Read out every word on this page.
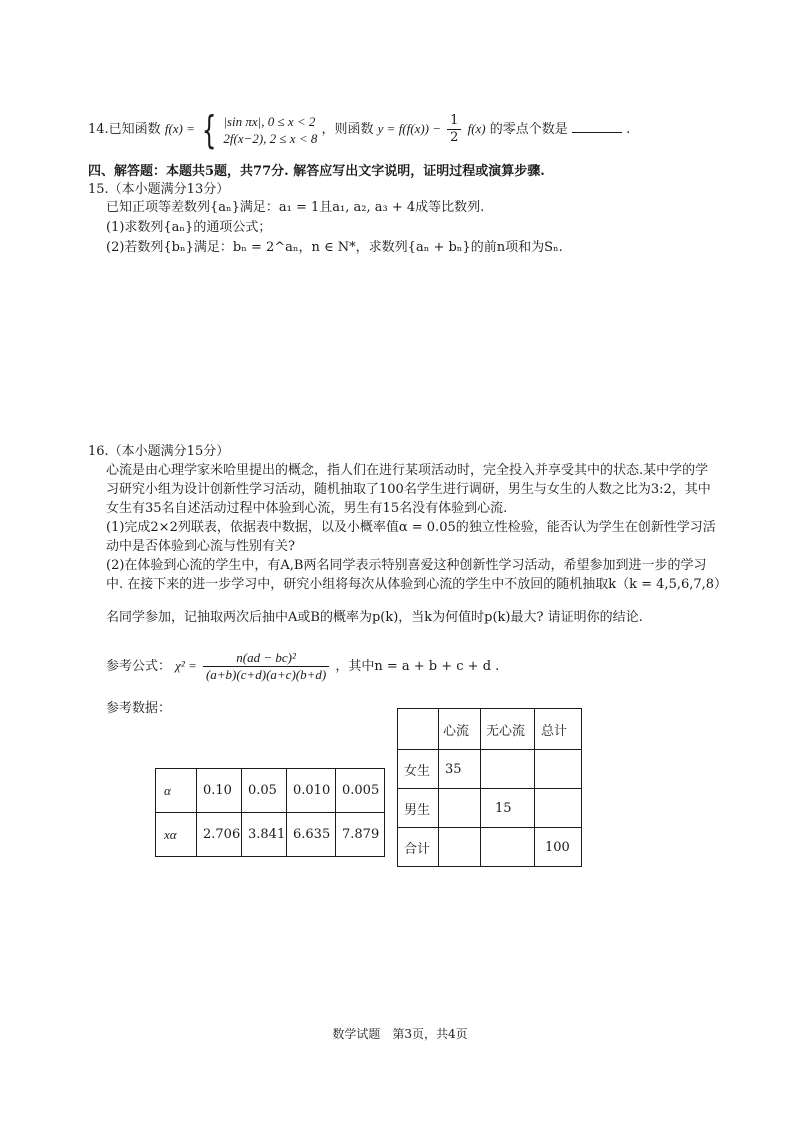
14.已知函数 f(x) = { |sin πx|, 0 ≤ x < 2
2f(x−2), 2 ≤ x < 8
，则函数 $y = f(f(x)) - \frac{1}{2} f(x)$ 的零点个数是	.
四、解答题：本题共5题，共77分. 解答应写出文字说明，证明过程或演算步骤.
15.（本小题满分13分）
已知正项等差数列{aₙ}满足：a₁ = 1且a₁, a₂, a₃ + 4成等比数列.
(1)求数列{aₙ}的通项公式；
(2)若数列{bₙ}满足：bₙ = 2^aₙ，n ∈ N*，求数列{aₙ + bₙ}的前n项和为Sₙ.
16.（本小题满分15分）
心流是由心理学家米哈里提出的概念，指人们在进行某项活动时，完全投入并享受其中的状态.某中学的学
习研究小组为设计创新性学习活动，随机抽取了100名学生进行调研，男生与女生的人数之比为3:2，其中
女生有35名自述活动过程中体验到心流，男生有15名没有体验到心流.
(1)完成2×2列联表，依据表中数据，以及小概率值α = 0.05的独立性检验，能否认为学生在创新性学习活
动中是否体验到心流与性别有关?
(2)在体验到心流的学生中，有A,B两名同学表示特别喜爱这种创新性学习活动，希望参加到进一步的学习
中. 在接下来的进一步学习中，研究小组将每次从体验到心流的学生中不放回的随机抽取k（k = 4,5,6,7,8）
名同学参加，记抽取两次后抽中A或B的概率为p(k)，当k为何值时p(k)最大? 请证明你的结论.
参考公式： $\chi^2 = \frac{\text{n(ad − bc)²}}{(a+b)(c+d)(a+c)(b+d)}$ ，其中n = a + b + c + d .
参考数据：
α	0.10	0.05	0.010	0.005
xα	2.706	3.841	6.635	7.879
	心流	无心流	总计
女生	35		
男生		15	
合计			100
数学试题　第3页，共4页
